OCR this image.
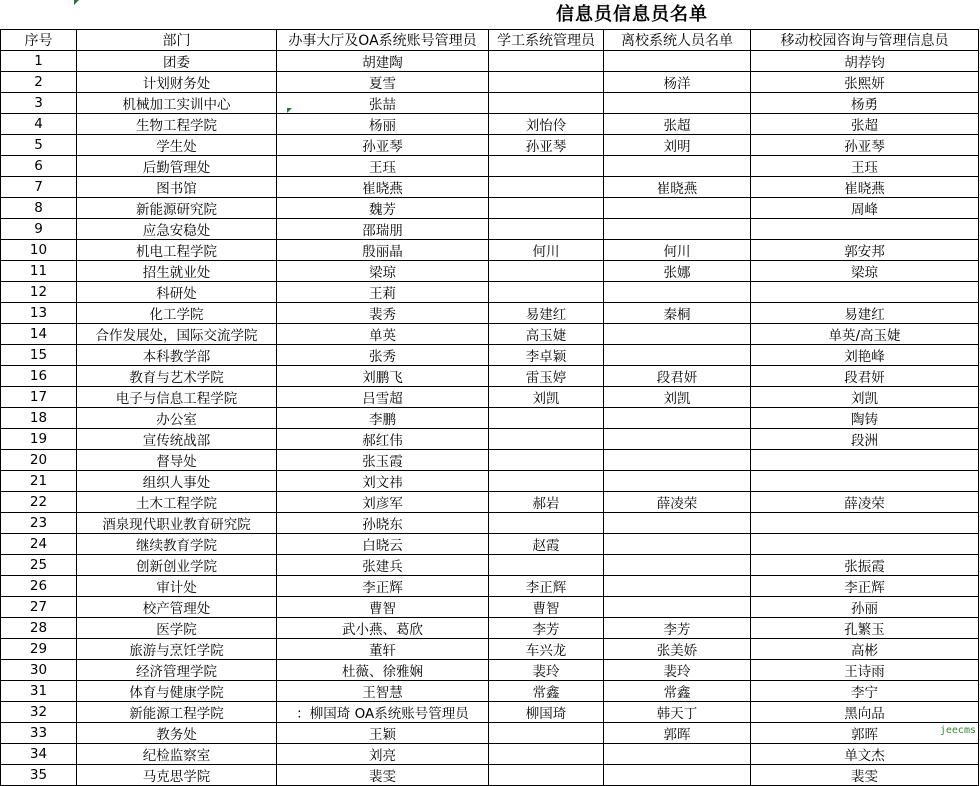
信息员信息员名单
序号	部门	办事大厅及OA系统账号管理员	学工系统管理员	离校系统人员名单	移动校园咨询与管理信息员
1	团委	胡建陶			胡荐钧
2	计划财务处	夏雪		杨洋	张熙妍
3	机械加工实训中心	张喆			杨勇
4	生物工程学院	杨丽	刘怡伶	张超	张超
5	学生处	孙亚琴	孙亚琴	刘明	孙亚琴
6	后勤管理处	王珏			王珏
7	图书馆	崔晓燕		崔晓燕	崔晓燕
8	新能源研究院	魏芳			周峰
9	应急安稳处	邵瑞朋			
10	机电工程学院	殷丽晶	何川	何川	郭安邦
11	招生就业处	梁琼		张娜	梁琼
12	科研处	王莉			
13	化工学院	裴秀	易建红	秦桐	易建红
14	合作发展处，国际交流学院	单英	高玉婕		单英/高玉婕
15	本科教学部	张秀	李卓颖		刘艳峰
16	教育与艺术学院	刘鹏飞	雷玉婷	段君妍	段君妍
17	电子与信息工程学院	吕雪超	刘凯	刘凯	刘凯
18	办公室	李鹏			陶铸
19	宣传统战部	郝红伟			段洲
20	督导处	张玉霞			
21	组织人事处	刘文祎			
22	土木工程学院	刘彦军	郝岩	薛凌荣	薛凌荣
23	酒泉现代职业教育研究院	孙晓东			
24	继续教育学院	白晓云	赵霞		
25	创新创业学院	张建兵			张振霞
26	审计处	李正辉	李正辉		李正辉
27	校产管理处	曹智	曹智		孙丽
28	医学院	武小燕、葛欣	李芳	李芳	孔繁玉
29	旅游与烹饪学院	董轩	车兴龙	张美娇	高彬
30	经济管理学院	杜薇、徐雅娴	裴玲	裴玲	王诗雨
31	体育与健康学院	王智慧	常鑫	常鑫	李宁
32	新能源工程学院	：柳国琦 OA系统账号管理员	柳国琦	韩天丁	黑向品
33	教务处	王颖		郭晖	郭晖
34	纪检监察室	刘亮			单文杰
35	马克思学院	裴雯			裴雯
jeecms
